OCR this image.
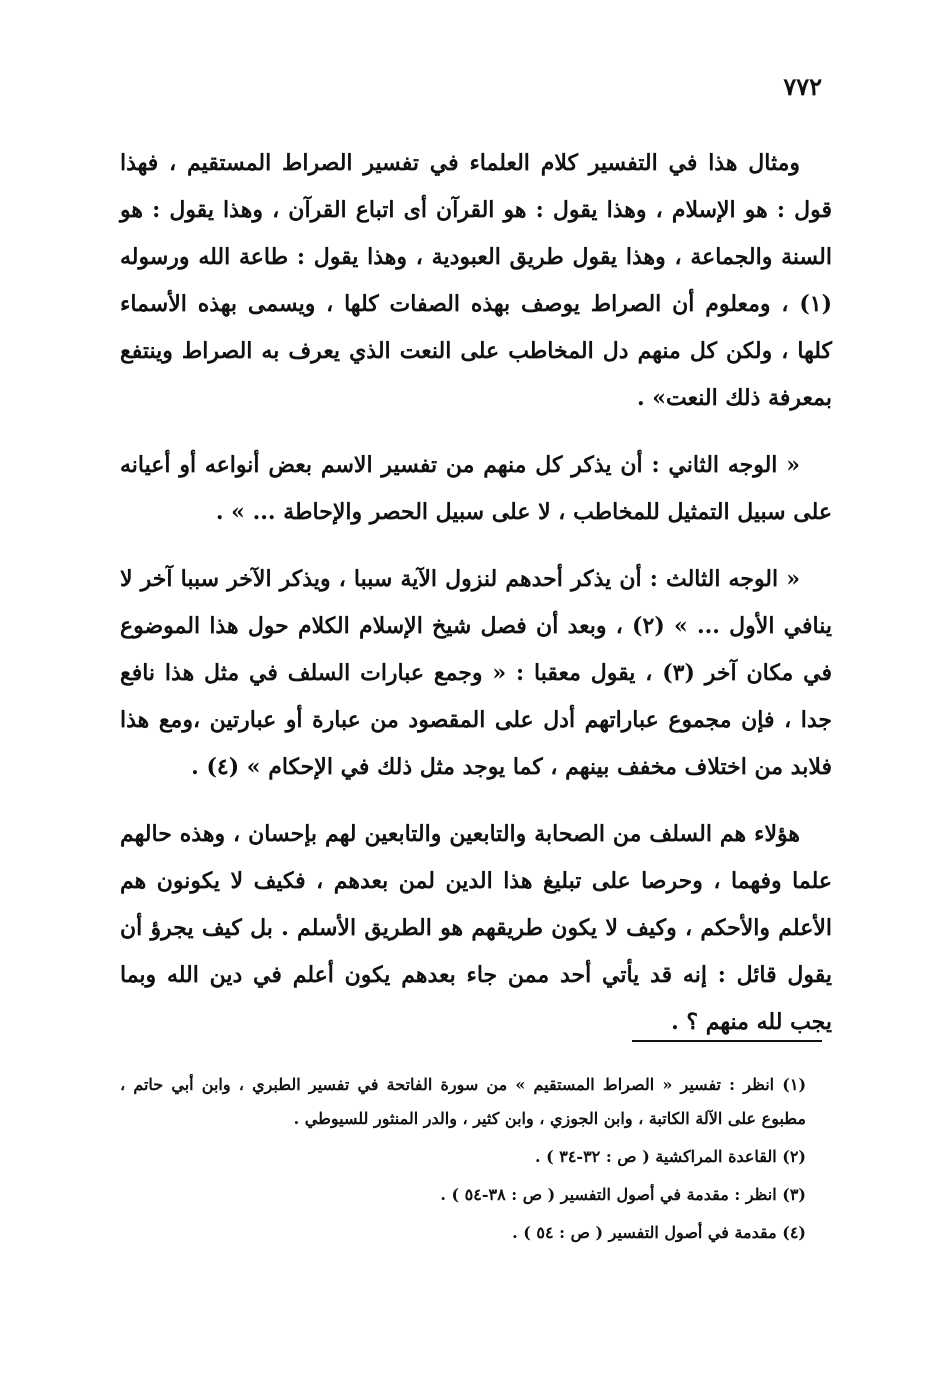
٧٧٢

ومثال هذا في التفسير كلام العلماء في تفسير الصراط المستقيم ، فهذا قول : هو الإسلام ، وهذا يقول : هو القرآن أى اتباع القرآن ، وهذا يقول : هو السنة والجماعة ، وهذا يقول طريق العبودية ، وهذا يقول : طاعة الله ورسوله (١) ، ومعلوم أن الصراط يوصف بهذه الصفات كلها ، ويسمى بهذه الأسماء كلها ، ولكن كل منهم دل المخاطب على النعت الذي يعرف به الصراط وينتفع بمعرفة ذلك النعت» .

« الوجه الثاني : أن يذكر كل منهم من تفسير الاسم بعض أنواعه أو أعيانه على سبيل التمثيل للمخاطب ، لا على سبيل الحصر والإحاطة ... » .

« الوجه الثالث : أن يذكر أحدهم لنزول الآية سببا ، ويذكر الآخر سببا آخر لا ينافي الأول ... » (٢) ، وبعد أن فصل شيخ الإسلام الكلام حول هذا الموضوع في مكان آخر (٣) ، يقول معقبا : « وجمع عبارات السلف في مثل هذا نافع جدا ، فإن مجموع عباراتهم أدل على المقصود من عبارة أو عبارتين ،ومع هذا فلابد من اختلاف مخفف بينهم ، كما يوجد مثل ذلك في الإحكام » (٤) .

هؤلاء هم السلف من الصحابة والتابعين والتابعين لهم بإحسان ، وهذه حالهم علما وفهما ، وحرصا على تبليغ هذا الدين لمن بعدهم ، فكيف لا يكونون هم الأعلم والأحكم ، وكيف لا يكون طريقهم هو الطريق الأسلم . بل كيف يجرؤ أن يقول قائل : إنه قد يأتي أحد ممن جاء بعدهم يكون أعلم في دين الله وبما يجب لله منهم ؟ .

(١) انظر : تفسير « الصراط المستقيم » من سورة الفاتحة في تفسير الطبري ، وابن أبي حاتم ، مطبوع على الآلة الكاتبة ، وابن الجوزي ، وابن كثير ، والدر المنثور للسيوطي .

(٢) القاعدة المراكشية ( ص : ٣٢-٣٤ ) .

(٣) انظر : مقدمة في أصول التفسير ( ص : ٣٨-٥٤ ) .

(٤) مقدمة في أصول التفسير ( ص : ٥٤ ) .
